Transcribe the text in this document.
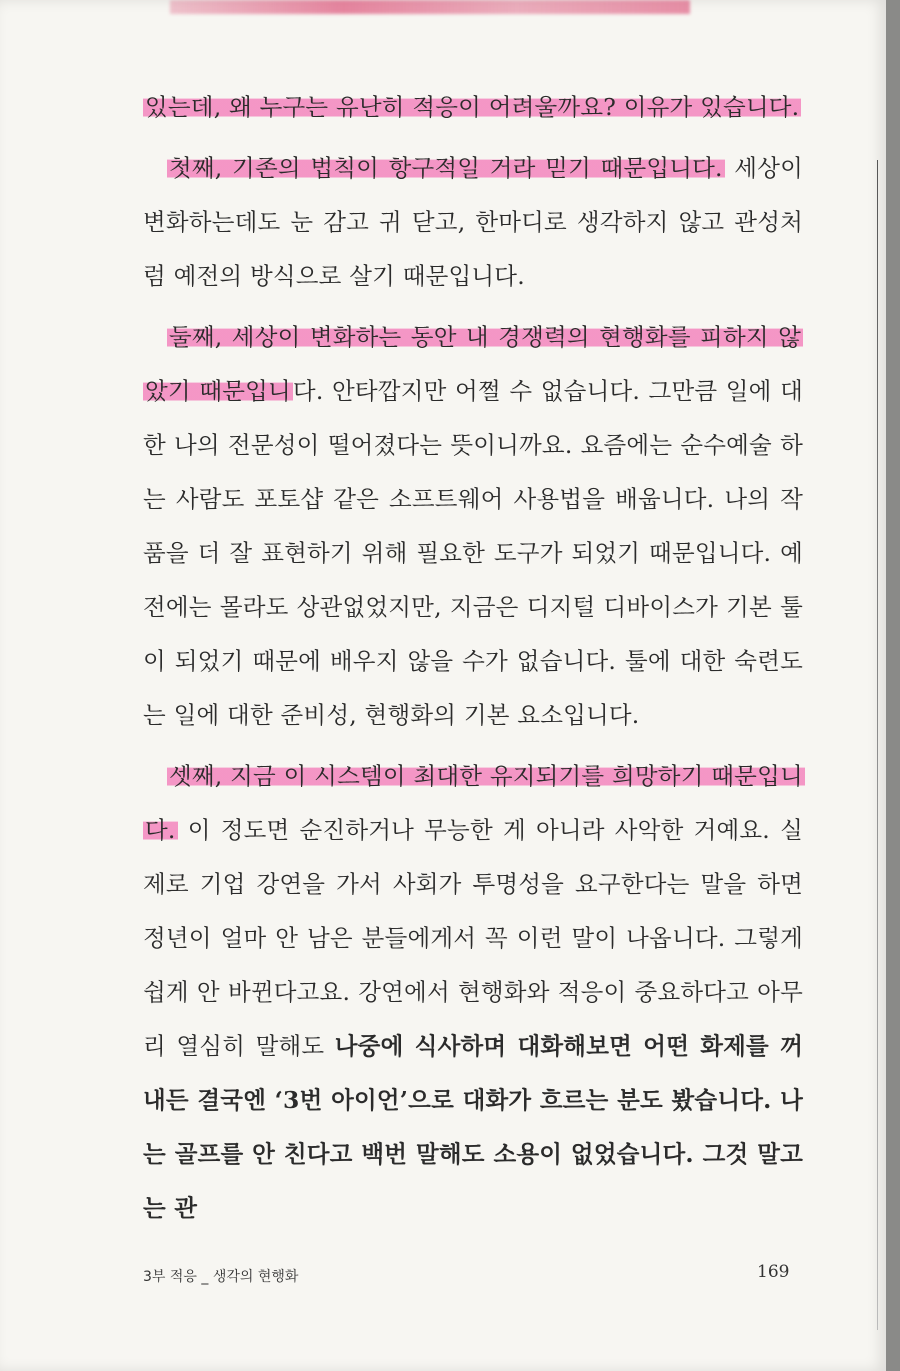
있는데, 왜 누구는 유난히 적응이 어려울까요? 이유가 있습니다.

첫째, 기존의 법칙이 항구적일 거라 믿기 때문입니다. 세상이 변화하는데도 눈 감고 귀 닫고, 한마디로 생각하지 않고 관성처럼 예전의 방식으로 살기 때문입니다.

둘째, 세상이 변화하는 동안 내 경쟁력의 현행화를 피하지 않았기 때문입니다. 안타깝지만 어쩔 수 없습니다. 그만큼 일에 대한 나의 전문성이 떨어졌다는 뜻이니까요. 요즘에는 순수예술 하는 사람도 포토샵 같은 소프트웨어 사용법을 배웁니다. 나의 작품을 더 잘 표현하기 위해 필요한 도구가 되었기 때문입니다. 예전에는 몰라도 상관없었지만, 지금은 디지털 디바이스가 기본 툴이 되었기 때문에 배우지 않을 수가 없습니다. 툴에 대한 숙련도는 일에 대한 준비성, 현행화의 기본 요소입니다.

셋째, 지금 이 시스템이 최대한 유지되기를 희망하기 때문입니다. 이 정도면 순진하거나 무능한 게 아니라 사악한 거예요. 실제로 기업 강연을 가서 사회가 투명성을 요구한다는 말을 하면 정년이 얼마 안 남은 분들에게서 꼭 이런 말이 나옵니다. 그렇게 쉽게 안 바뀐다고요. 강연에서 현행화와 적응이 중요하다고 아무리 열심히 말해도 나중에 식사하며 대화해보면 어떤 화제를 꺼내든 결국엔 ‘3번 아이언’으로 대화가 흐르는 분도 봤습니다. 나는 골프를 안 친다고 백번 말해도 소용이 없었습니다. 그것 말고는 관

3부 적응 _ 생각의 현행화	169
